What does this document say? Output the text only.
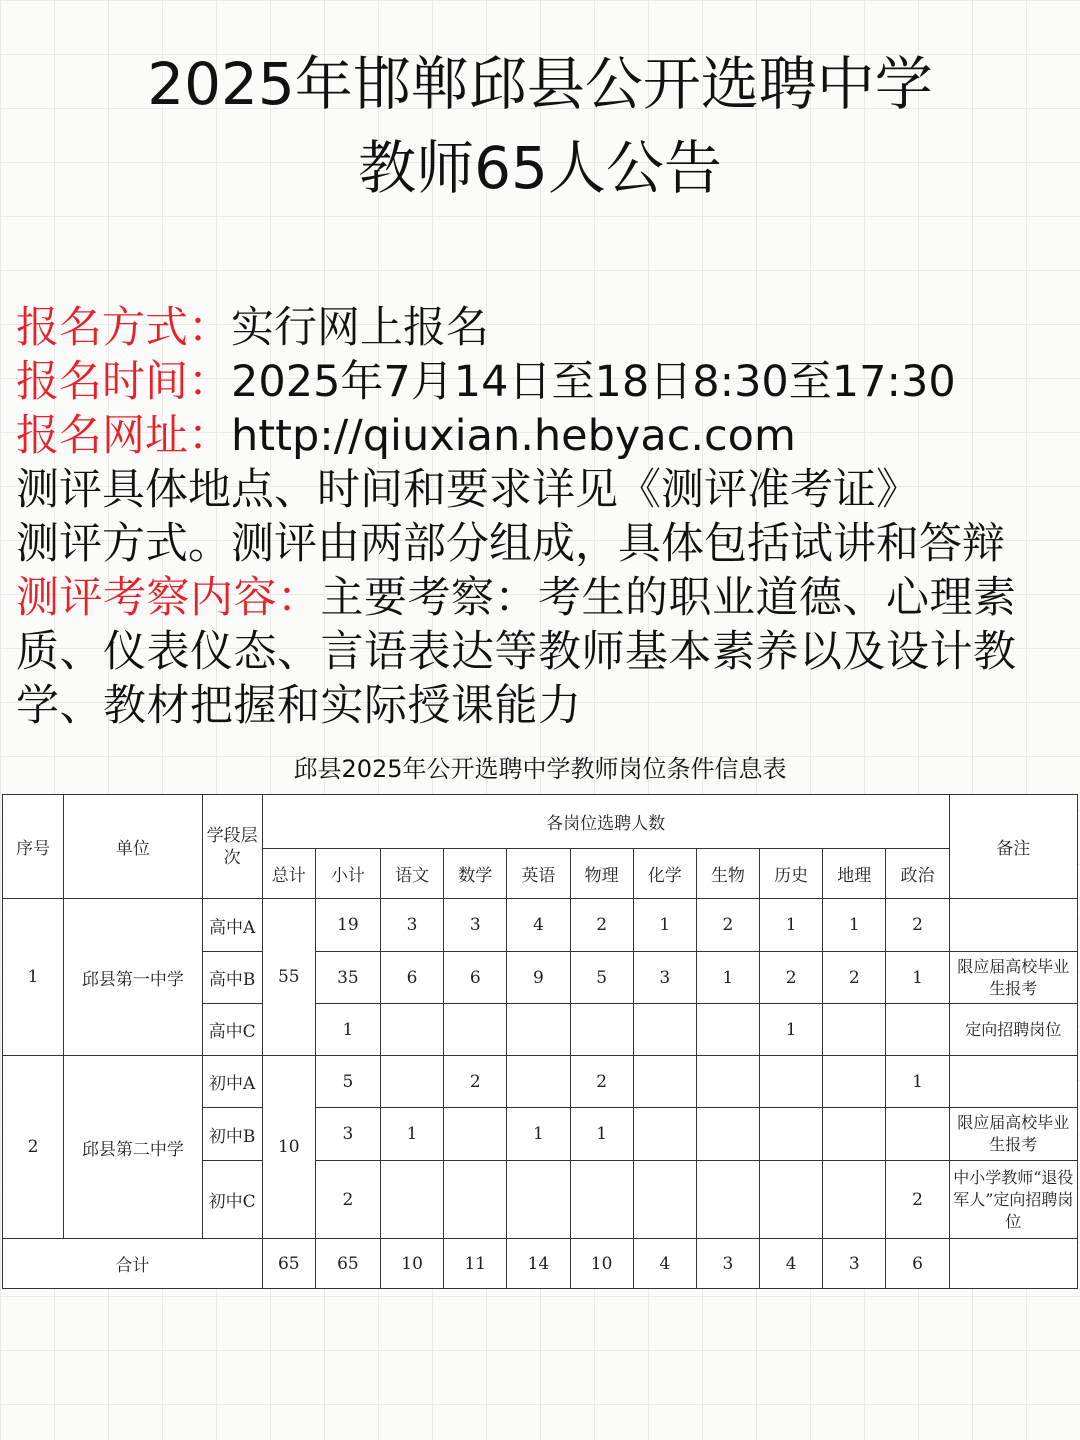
2025年邯郸邱县公开选聘中学
教师65人公告
报名方式：实行网上报名
报名时间：2025年7月14日至18日8:30至17:30
报名网址：http://qiuxian.hebyac.com
测评具体地点、时间和要求详见《测评准考证》
测评方式。测评由两部分组成，具体包括试讲和答辩
测评考察内容：主要考察：考生的职业道德、心理素质、仪表仪态、言语表达等教师基本素养以及设计教学、教材把握和实际授课能力
邱县2025年公开选聘中学教师岗位条件信息表
序号	单位	学段层次	各岗位选聘人数											备注
			总计	小计	语文	数学	英语	物理	化学	生物	历史	地理	政治	
1	邱县第一中学	高中A	55	19	3	3	4	2	1	2	1	1	2	
		高中B		35	6	6	9	5	3	1	2	2	1	限应届高校毕业生报考
		高中C		1							1			定向招聘岗位
2	邱县第二中学	初中A	10	5		2		2					1	
		初中B		3	1		1	1						限应届高校毕业生报考
		初中C		2									2	中小学教师“退役军人”定向招聘岗位
合计			65	65	10	11	14	10	4	3	4	3	6	
